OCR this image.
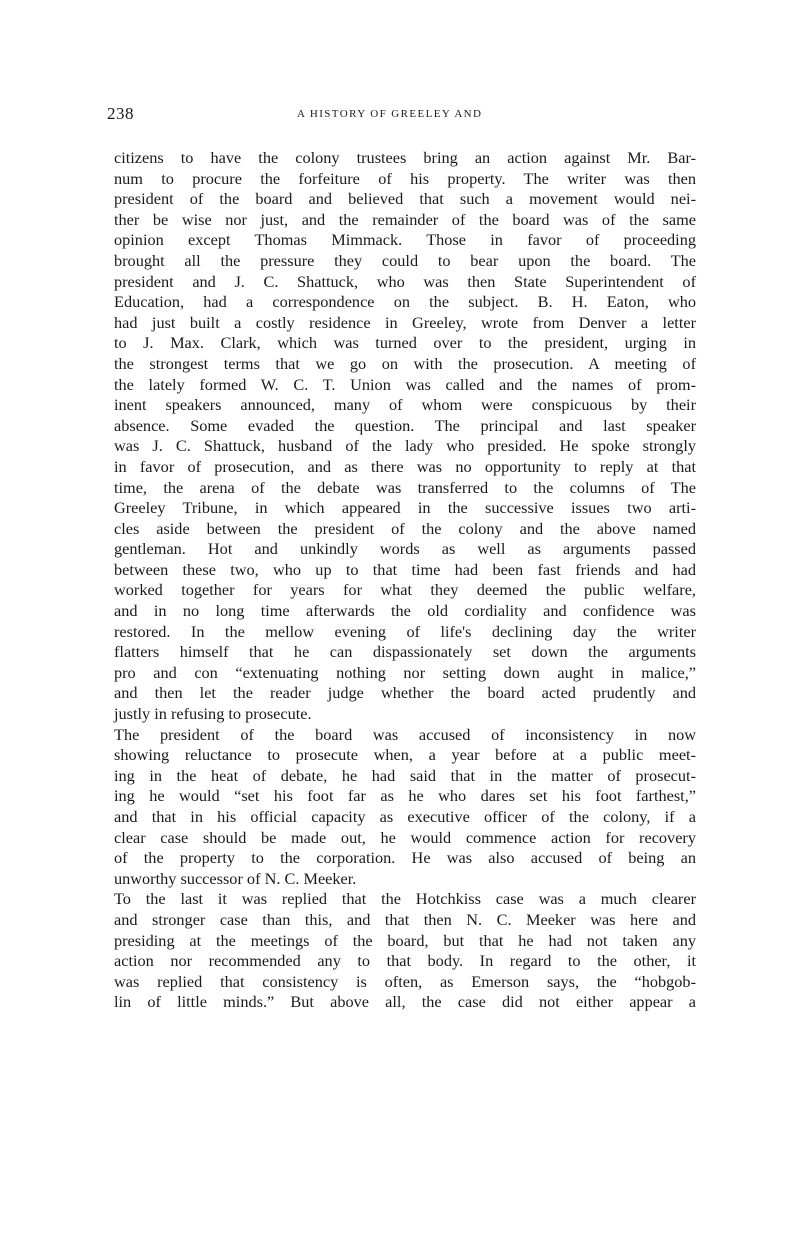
238	A HISTORY OF GREELEY AND
citizens to have the colony trustees bring an action against Mr. Bar-
num to procure the forfeiture of his property. The writer was then
president of the board and believed that such a movement would nei-
ther be wise nor just, and the remainder of the board was of the same
opinion except Thomas Mimmack. Those in favor of proceeding
brought all the pressure they could to bear upon the board. The
president and J. C. Shattuck, who was then State Superintendent of
Education, had a correspondence on the subject. B. H. Eaton, who
had just built a costly residence in Greeley, wrote from Denver a letter
to J. Max. Clark, which was turned over to the president, urging in
the strongest terms that we go on with the prosecution. A meeting of
the lately formed W. C. T. Union was called and the names of prom-
inent speakers announced, many of whom were conspicuous by their
absence. Some evaded the question. The principal and last speaker
was J. C. Shattuck, husband of the lady who presided. He spoke strongly
in favor of prosecution, and as there was no opportunity to reply at that
time, the arena of the debate was transferred to the columns of The
Greeley Tribune, in which appeared in the successive issues two arti-
cles aside between the president of the colony and the above named
gentleman. Hot and unkindly words as well as arguments passed
between these two, who up to that time had been fast friends and had
worked together for years for what they deemed the public welfare,
and in no long time afterwards the old cordiality and confidence was
restored. In the mellow evening of life's declining day the writer
flatters himself that he can dispassionately set down the arguments
pro and con “extenuating nothing nor setting down aught in malice,”
and then let the reader judge whether the board acted prudently and
justly in refusing to prosecute.
The president of the board was accused of inconsistency in now
showing reluctance to prosecute when, a year before at a public meet-
ing in the heat of debate, he had said that in the matter of prosecut-
ing he would “set his foot far as he who dares set his foot farthest,”
and that in his official capacity as executive officer of the colony, if a
clear case should be made out, he would commence action for recovery
of the property to the corporation. He was also accused of being an
unworthy successor of N. C. Meeker.
To the last it was replied that the Hotchkiss case was a much clearer
and stronger case than this, and that then N. C. Meeker was here and
presiding at the meetings of the board, but that he had not taken any
action nor recommended any to that body. In regard to the other, it
was replied that consistency is often, as Emerson says, the “hobgob-
lin of little minds.” But above all, the case did not either appear a
